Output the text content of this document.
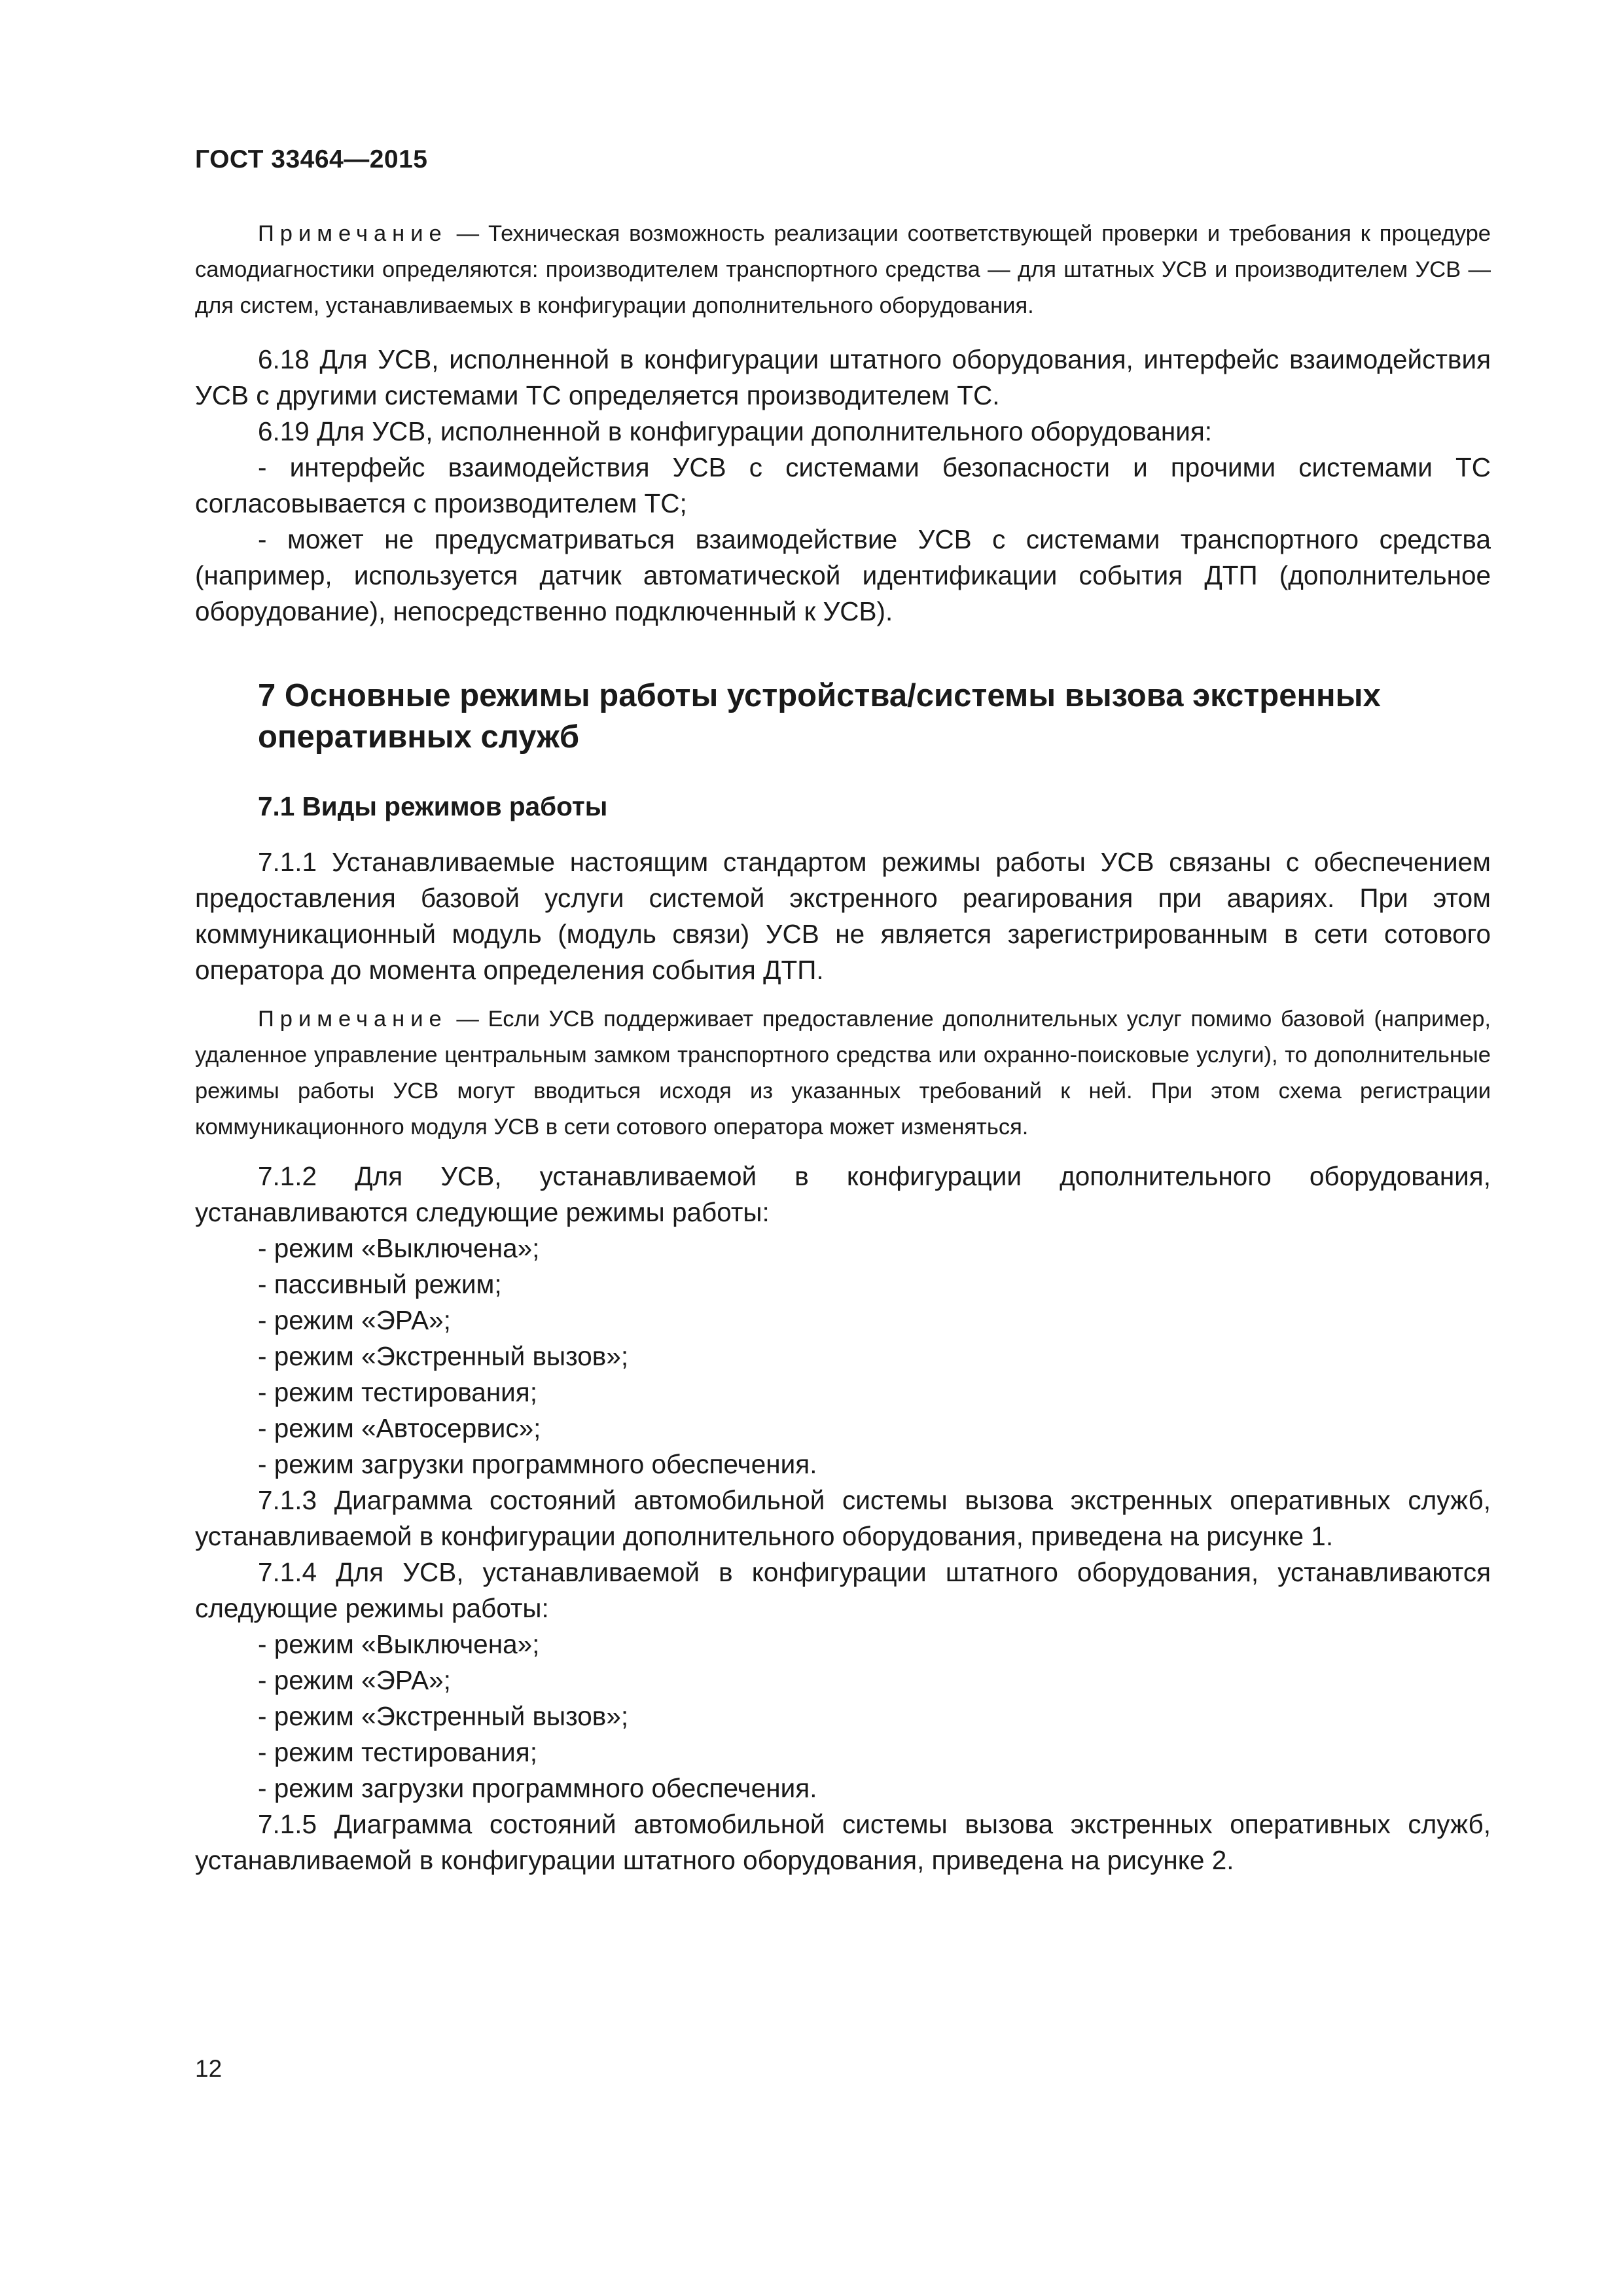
ГОСТ 33464—2015

Примечание — Техническая возможность реализации соответствующей проверки и требования к процедуре самодиагностики определяются: производителем транспортного средства — для штатных УСВ и производителем УСВ — для систем, устанавливаемых в конфигурации дополнительного оборудования.

6.18 Для УСВ, исполненной в конфигурации штатного оборудования, интерфейс взаимодействия УСВ с другими системами ТС определяется производителем ТС.

6.19 Для УСВ, исполненной в конфигурации дополнительного оборудования:

- интерфейс взаимодействия УСВ с системами безопасности и прочими системами ТС согласовывается с производителем ТС;

- может не предусматриваться взаимодействие УСВ с системами транспортного средства (например, используется датчик автоматической идентификации события ДТП (дополнительное оборудование), непосредственно подключенный к УСВ).

7 Основные режимы работы устройства/системы вызова экстренных оперативных служб

7.1 Виды режимов работы

7.1.1 Устанавливаемые настоящим стандартом режимы работы УСВ связаны с обеспечением предоставления базовой услуги системой экстренного реагирования при авариях. При этом коммуникационный модуль (модуль связи) УСВ не является зарегистрированным в сети сотового оператора до момента определения события ДТП.

Примечание — Если УСВ поддерживает предоставление дополнительных услуг помимо базовой (например, удаленное управление центральным замком транспортного средства или охранно-поисковые услуги), то дополнительные режимы работы УСВ могут вводиться исходя из указанных требований к ней. При этом схема регистрации коммуникационного модуля УСВ в сети сотового оператора может изменяться.

7.1.2 Для УСВ, устанавливаемой в конфигурации дополнительного оборудования, устанавливаются следующие режимы работы:

- режим «Выключена»;

- пассивный режим;

- режим «ЭРА»;

- режим «Экстренный вызов»;

- режим тестирования;

- режим «Автосервис»;

- режим загрузки программного обеспечения.

7.1.3 Диаграмма состояний автомобильной системы вызова экстренных оперативных служб, устанавливаемой в конфигурации дополнительного оборудования, приведена на рисунке 1.

7.1.4 Для УСВ, устанавливаемой в конфигурации штатного оборудования, устанавливаются следующие режимы работы:

- режим «Выключена»;

- режим «ЭРА»;

- режим «Экстренный вызов»;

- режим тестирования;

- режим загрузки программного обеспечения.

7.1.5 Диаграмма состояний автомобильной системы вызова экстренных оперативных служб, устанавливаемой в конфигурации штатного оборудования, приведена на рисунке 2.

12
